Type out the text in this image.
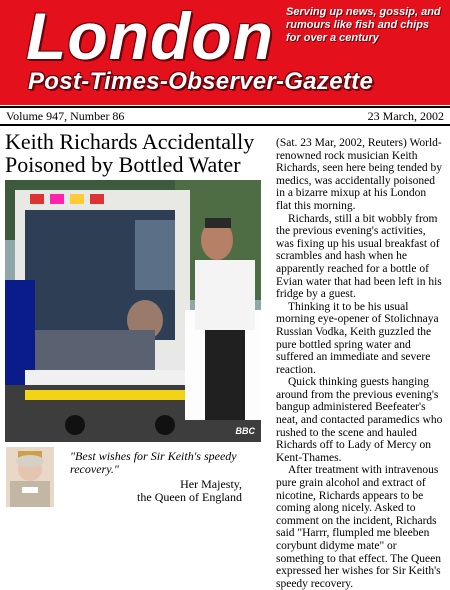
London Serving up news, gossip, and rumours like fish and chips for over a century
Post-Times-Observer-Gazette
Volume 947, Number 86	23 March, 2002
Keith Richards Accidentally Poisoned by Bottled Water
BBC
"Best wishes for Sir Keith's speedy recovery."
Her Majesty,
the Queen of England

(Sat. 23 Mar, 2002, Reuters) World-renowned rock musician Keith Richards, seen here being tended by medics, was accidentally poisoned in a bizarre mixup at his London flat this morning.

Richards, still a bit wobbly from the previous evening's activities, was fixing up his usual breakfast of scrambles and hash when he apparently reached for a bottle of Evian water that had been left in his fridge by a guest.

Thinking it to be his usual morning eye-opener of Stolichnaya Russian Vodka, Keith guzzled the pure bottled spring water and suffered an immediate and severe reaction.

Quick thinking guests hanging around from the previous evening's bangup administered Beefeater's neat, and contacted paramedics who rushed to the scene and hauled Richards off to Lady of Mercy on Kent-Thames.

After treatment with intravenous pure grain alcohol and extract of nicotine, Richards appears to be coming along nicely. Asked to comment on the incident, Richards said "Harrr, flumpled me bleeben corybunt didyme mate" or something to that effect. The Queen expressed her wishes for Sir Keith's speedy recovery.
